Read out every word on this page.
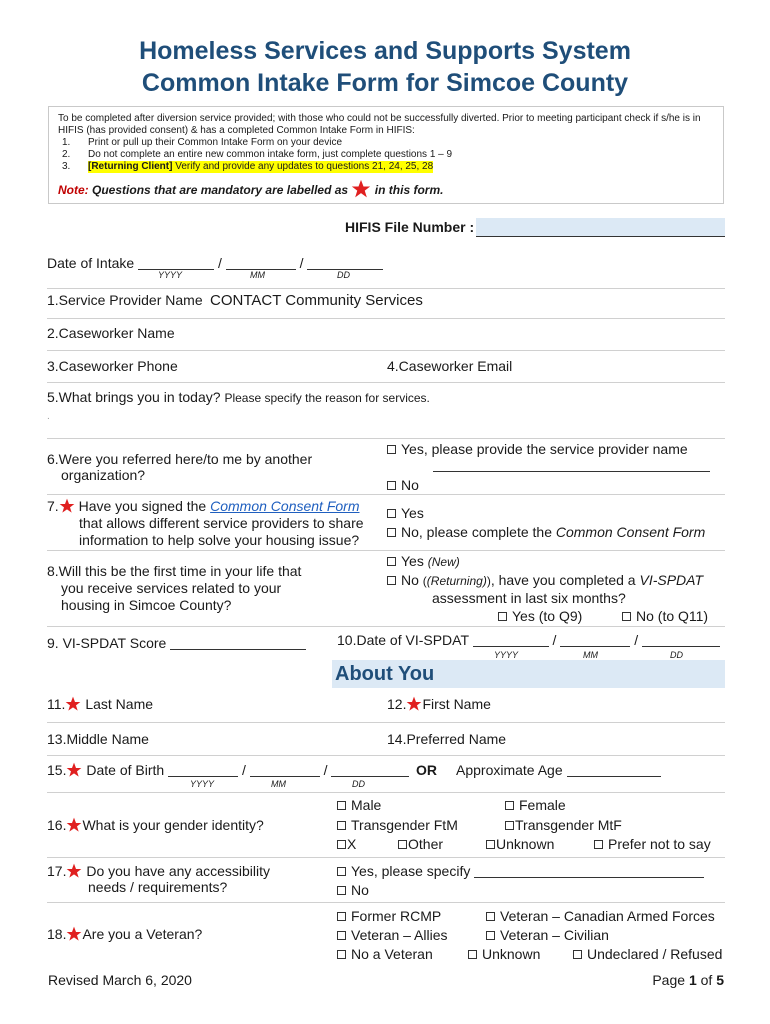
Homeless Services and Supports System
Common Intake Form for Simcoe County
To be completed after diversion service provided; with those who could not be successfully diverted. Prior to meeting participant check if s/he is in
HIFIS (has provided consent) & has a completed Common Intake Form in HIFIS:
1. Print or pull up their Common Intake Form on your device
2. Do not complete an entire new common intake form, just complete questions 1 – 9
3. [Returning Client] Verify and provide any updates to questions 21, 24, 25, 28
Note: Questions that are mandatory are labelled as in this form.
HIFIS File Number :
Date of Intake	/	/
YYYY	MM	DD
1.Service Provider Name CONTACT Community Services
2.Caseworker Name
3.Caseworker Phone	4.Caseworker Email
5.What brings you in today? Please specify the reason for services.
.
6.Were you referred here/to me by another
organization?
Yes, please provide the service provider name
No
7. Have you signed the Common Consent Form
that allows different service providers to share
information to help solve your housing issue?
Yes
No, please complete the Common Consent Form
8.Will this be the first time in your life that
you receive services related to your
housing in Simcoe County?
Yes (New)
No ((Returning)), have you completed a VI-SPDAT
assessment in last six months?
Yes (to Q9)	No (to Q11)
9. VI-SPDAT Score	10.Date of VI-SPDAT	/	/
YYYY	MM	DD
About You
11. Last Name	12. First Name
13.Middle Name	14.Preferred Name
15. Date of Birth	/	/	OR Approximate Age
YYYY	MM	DD
16. What is your gender identity?
Male	Female
Transgender FtM	Transgender MtF
X	Other	Unknown	Prefer not to say
17. Do you have any accessibility
needs / requirements?
Yes, please specify
No
18. Are you a Veteran?
Former RCMP	Veteran – Canadian Armed Forces
Veteran – Allies	Veteran – Civilian
No a Veteran	Unknown	Undeclared / Refused
Revised March 6, 2020	Page 1 of 5
